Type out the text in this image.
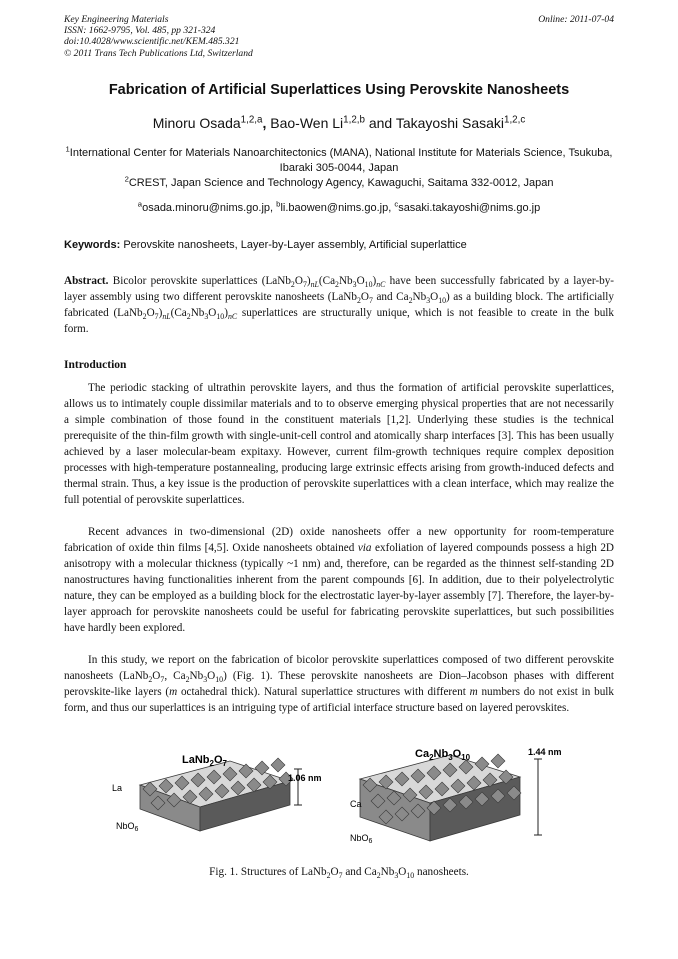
Key Engineering Materials
ISSN: 1662-9795, Vol. 485, pp 321-324
doi:10.4028/www.scientific.net/KEM.485.321
© 2011 Trans Tech Publications Ltd, Switzerland
Online: 2011-07-04
Fabrication of Artificial Superlattices Using Perovskite Nanosheets
Minoru Osada$^{1,2,a}$, Bao-Wen Li$^{1,2,b}$ and Takayoshi Sasaki$^{1,2,c}$
$^1$International Center for Materials Nanoarchitectonics (MANA), National Institute for Materials Science, Tsukuba, Ibaraki 305-0044, Japan
$^2$CREST, Japan Science and Technology Agency, Kawaguchi, Saitama 332-0012, Japan
$^a$osada.minoru@nims.go.jp, $^b$li.baowen@nims.go.jp, $^c$sasaki.takayoshi@nims.go.jp
Keywords: Perovskite nanosheets, Layer-by-Layer assembly, Artificial superlattice

Abstract. Bicolor perovskite superlattices $(LaNb_2O_7)_{nL}(Ca_2Nb_3O_{10})_{nC}$ have been successfully fabricated by a layer-by-layer assembly using two different perovskite nanosheets ($LaNb_2O_7$ and $Ca_2Nb_3O_{10}$) as a building block. The artificially fabricated $(LaNb_2O_7)_{nL}(Ca_2Nb_3O_{10})_{nC}$ superlattices are structurally unique, which is not feasible to create in the bulk form.

Introduction

The periodic stacking of ultrathin perovskite layers, and thus the formation of artificial perovskite superlattices, allows us to intimately couple dissimilar materials and to to observe emerging physical properties that are not necessarily a simple combination of those found in the constituent materials [1,2]. Underlying these studies is the technical prerequisite of the thin-film growth with single-unit-cell control and atomically sharp interfaces [3]. This has been usually achieved by a laser molecular-beam expitaxy. However, current film-growth techniques require complex deposition processes with high-temperature postannealing, producing large extrinsic effects arising from growth-induced defects and thermal strain. Thus, a key issue is the production of perovskite superlattices with a clean interface, which may realize the full potential of perovskite superlattices.

Recent advances in two-dimensional (2D) oxide nanosheets offer a new opportunity for room-temperature fabrication of oxide thin films [4,5]. Oxide nanosheets obtained via exfoliation of layered compounds possess a high 2D anisotropy with a molecular thickness (typically ~1 nm) and, therefore, can be regarded as the thinnest self-standing 2D nanostructures having functionalities inherent from the parent compounds [6]. In addition, due to their polyelectrolytic nature, they can be employed as a building block for the electrostatic layer-by-layer assembly [7]. Therefore, the layer-by-layer approach for perovskite nanosheets could be useful for fabricating perovskite superlattices, but such possibilities have hardly been explored.

In this study, we report on the fabrication of bicolor perovskite superlattices composed of two different perovskite nanosheets ($LaNb_2O_7$, $Ca_2Nb_3O_{10}$) (Fig. 1). These perovskite nanosheets are Dion–Jacobson phases with different perovskite-like layers (m octahedral thick). Natural superlattice structures with different m numbers do not exist in bulk form, and thus our superlattices is an intriguing type of artificial interface structure based on layered perovskites.

$LaNb_2O_7$
La
NbO$_6$
1.06 nm
$Ca_2Nb_3O_{10}$
Ca
NbO$_6$
1.44 nm
Fig. 1. Structures of $LaNb_2O_7$ and $Ca_2Nb_3O_{10}$ nanosheets.
